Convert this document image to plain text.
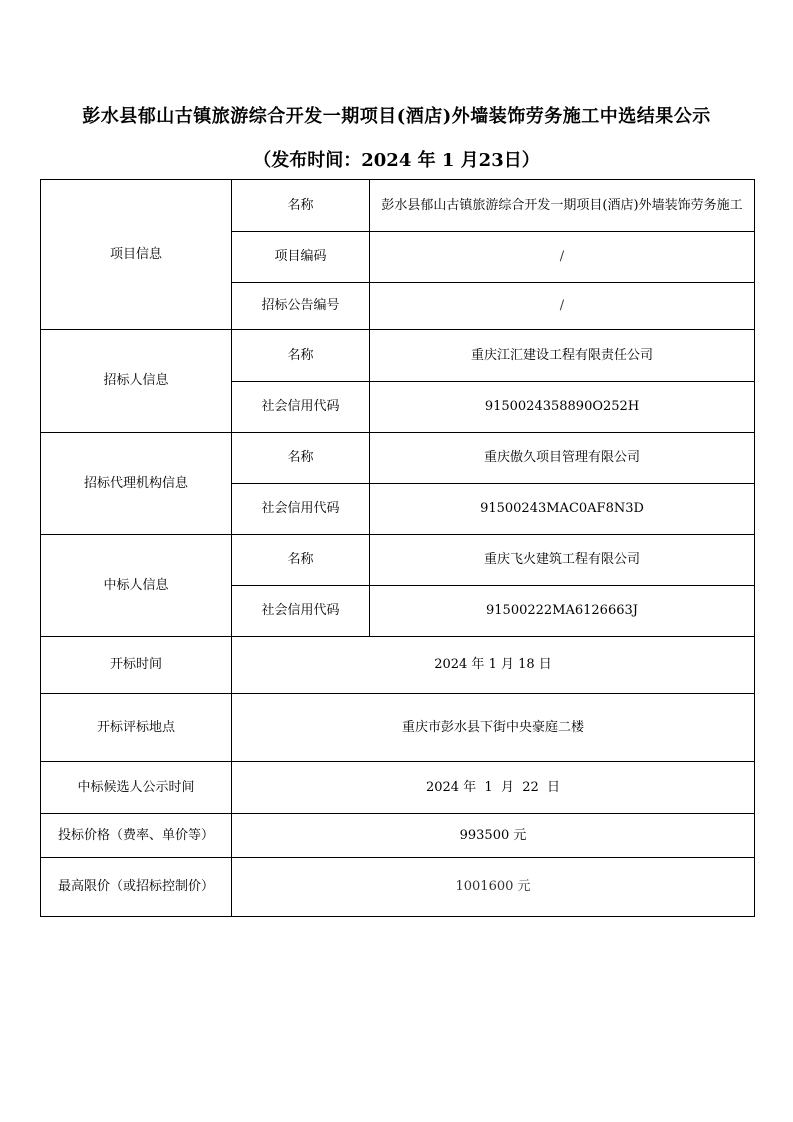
彭水县郁山古镇旅游综合开发一期项目(酒店)外墙装饰劳务施工中选结果公示
（发布时间：2024 年 1 月23日）
项目信息	名称	彭水县郁山古镇旅游综合开发一期项目(酒店)外墙装饰劳务施工
	项目编码	/
	招标公告编号	/
招标人信息	名称	重庆江汇建设工程有限责任公司
	社会信用代码	9150024358890O252H
招标代理机构信息	名称	重庆傲久项目管理有限公司
	社会信用代码	91500243MAC0AF8N3D
中标人信息	名称	重庆飞火建筑工程有限公司
	社会信用代码	91500222MA6126663J
开标时间	2024 年 1 月 18 日	
开标评标地点	重庆市彭水县下街中央豪庭二楼	
中标候选人公示时间	2024 年  1  月  22  日	
投标价格（费率、单价等）	993500 元	
最高限价（或招标控制价）	1001600 元	
